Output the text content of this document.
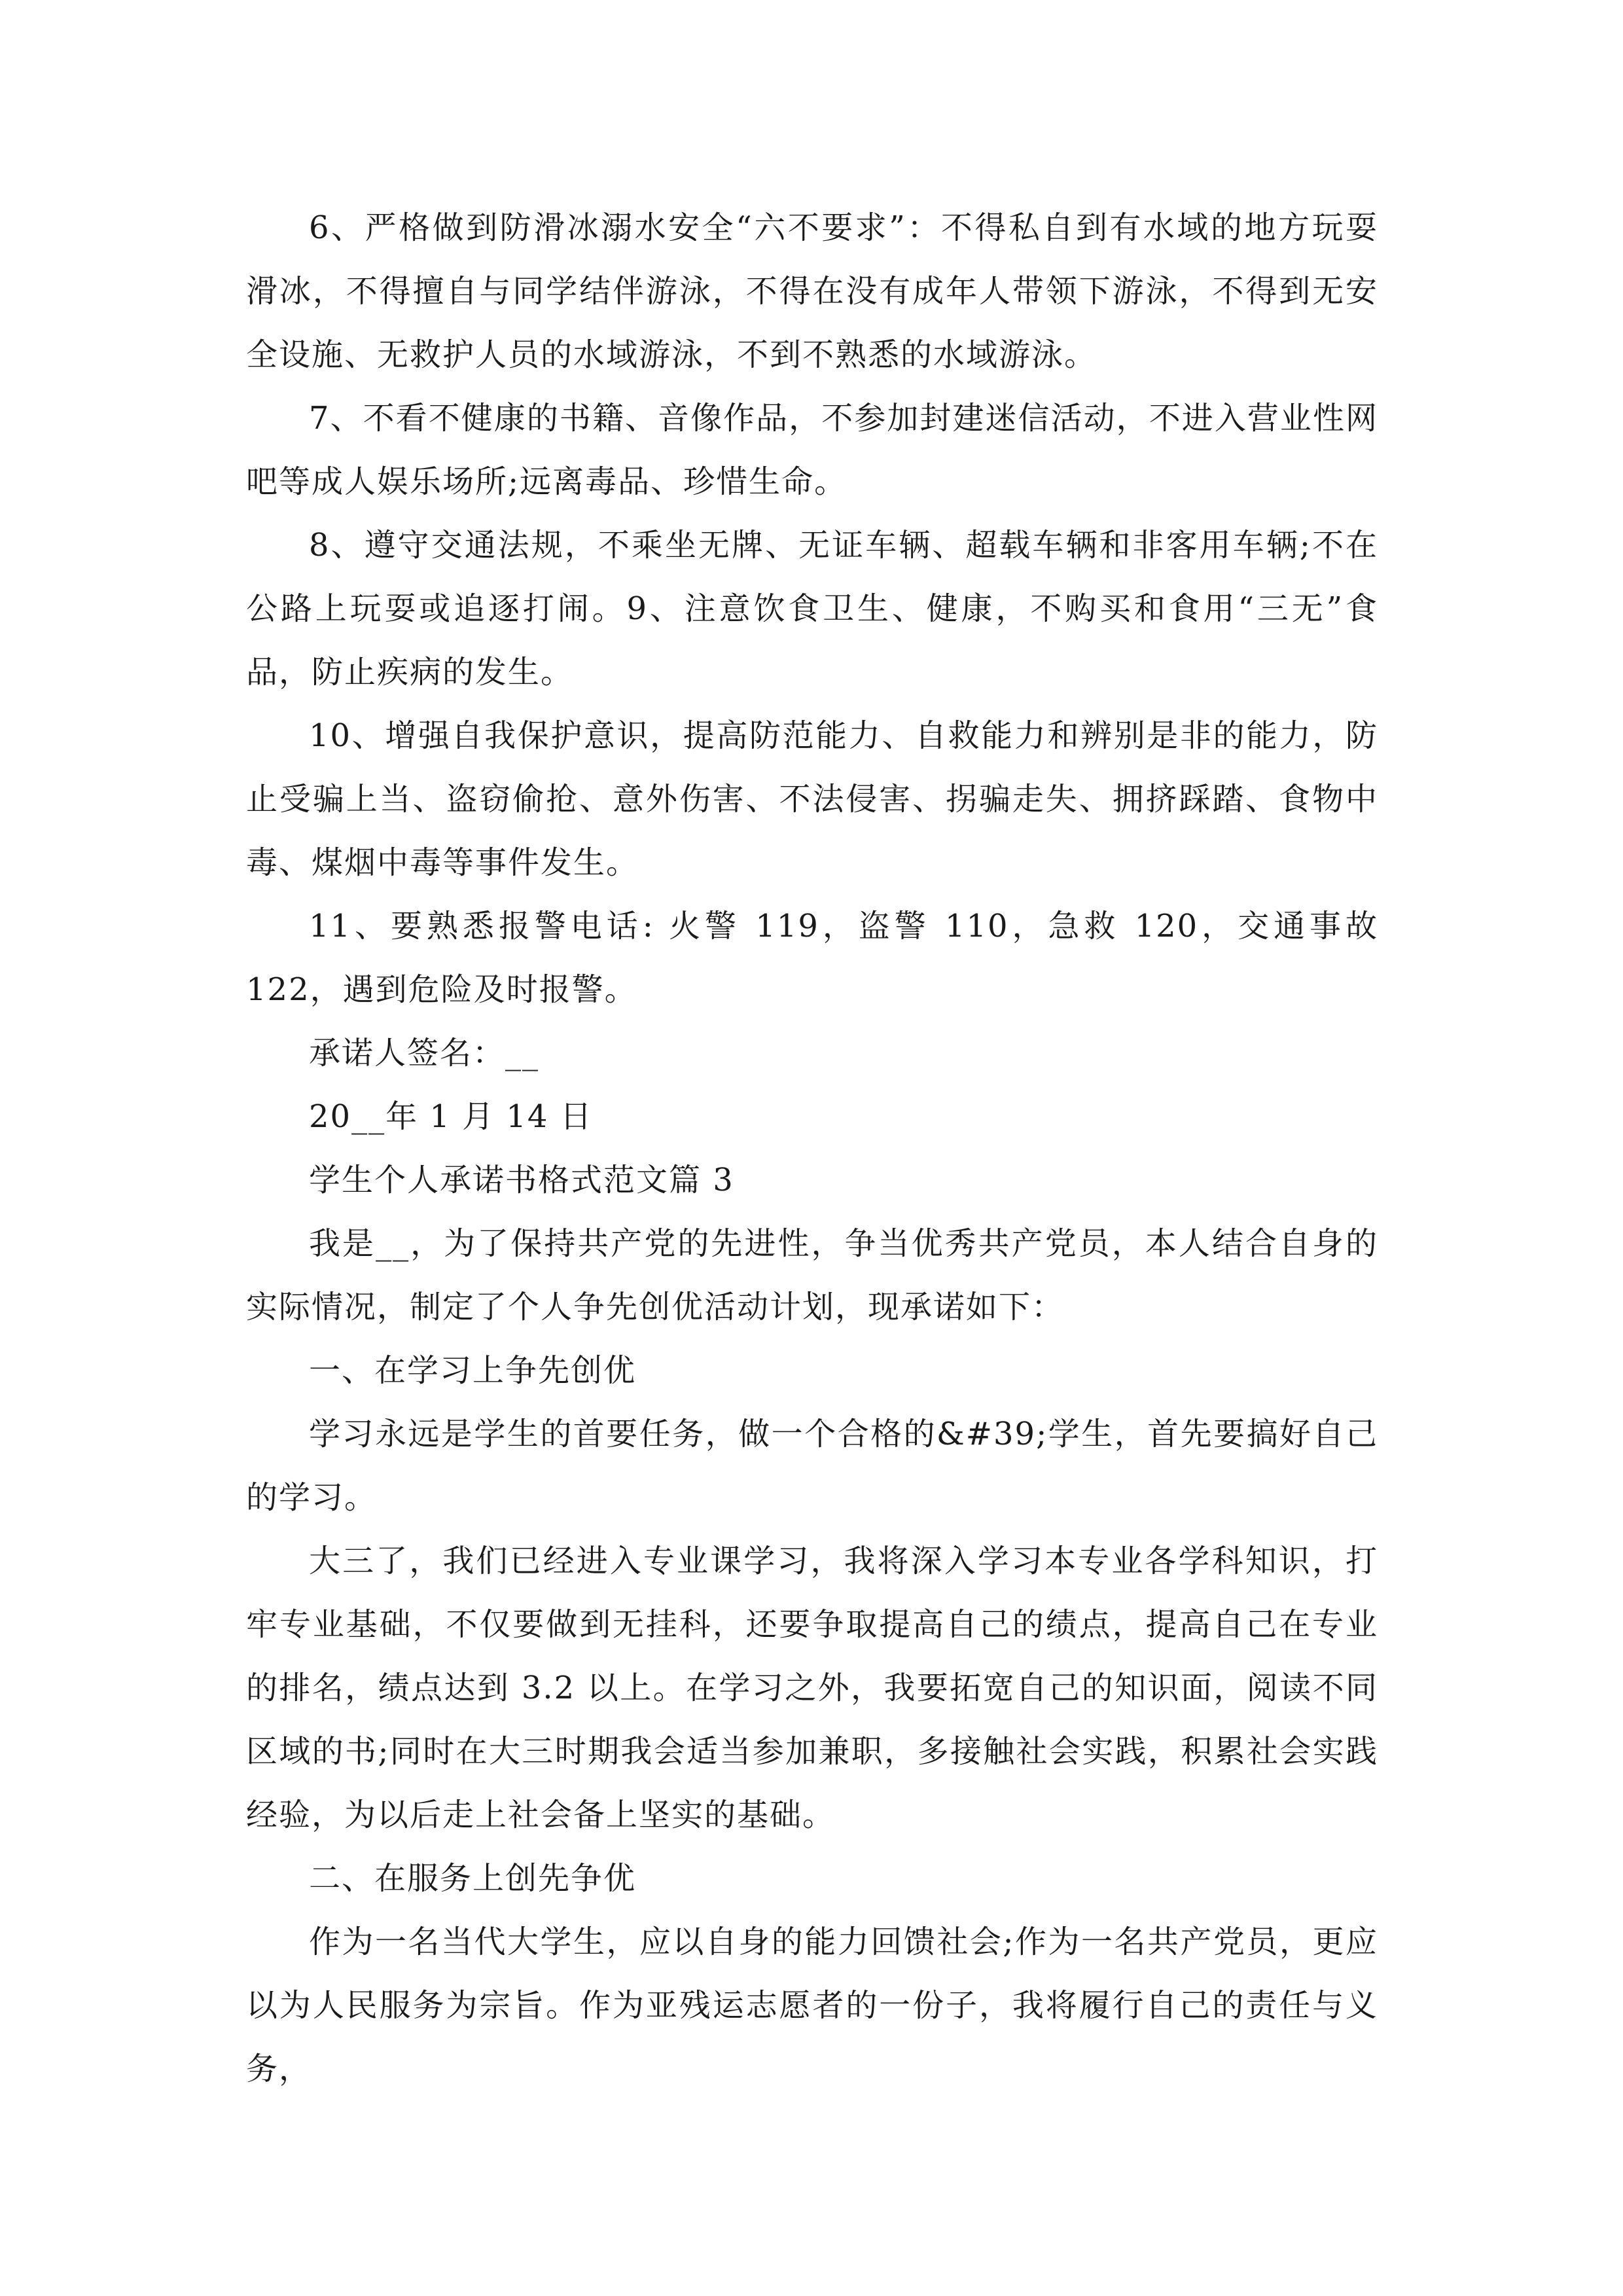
6、严格做到防滑冰溺水安全“六不要求”：不得私自到有水域的地方玩耍滑冰，不得擅自与同学结伴游泳，不得在没有成年人带领下游泳，不得到无安全设施、无救护人员的水域游泳，不到不熟悉的水域游泳。

7、不看不健康的书籍、音像作品，不参加封建迷信活动，不进入营业性网吧等成人娱乐场所;远离毒品、珍惜生命。

8、遵守交通法规，不乘坐无牌、无证车辆、超载车辆和非客用车辆;不在公路上玩耍或追逐打闹。9、注意饮食卫生、健康，不购买和食用“三无”食品，防止疾病的发生。

10、增强自我保护意识，提高防范能力、自救能力和辨别是非的能力，防止受骗上当、盗窃偷抢、意外伤害、不法侵害、拐骗走失、拥挤踩踏、食物中毒、煤烟中毒等事件发生。

11、要熟悉报警电话: 火警 119，盗警 110，急救 120，交通事故 122，遇到危险及时报警。

承诺人签名：__

20__年 1 月 14 日

学生个人承诺书格式范文篇 3

我是__，为了保持共产党的先进性，争当优秀共产党员，本人结合自身的实际情况，制定了个人争先创优活动计划，现承诺如下：

一、在学习上争先创优

学习永远是学生的首要任务，做一个合格的&#39;学生，首先要搞好自己的学习。

大三了，我们已经进入专业课学习，我将深入学习本专业各学科知识，打牢专业基础，不仅要做到无挂科，还要争取提高自己的绩点，提高自己在专业的排名，绩点达到 3.2 以上。在学习之外，我要拓宽自己的知识面，阅读不同区域的书;同时在大三时期我会适当参加兼职，多接触社会实践，积累社会实践经验，为以后走上社会备上坚实的基础。

二、在服务上创先争优

作为一名当代大学生，应以自身的能力回馈社会;作为一名共产党员，更应以为人民服务为宗旨。作为亚残运志愿者的一份子，我将履行自己的责任与义务，
